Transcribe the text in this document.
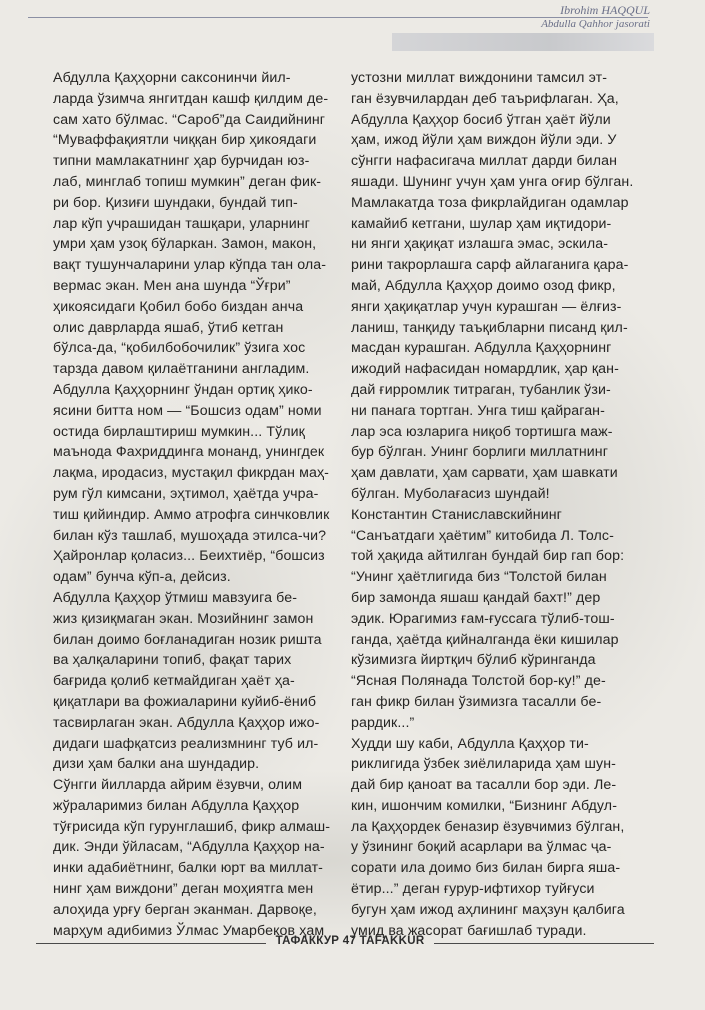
Ibrohim HAQQUL
Abdulla Qahhor jasorati

Абдулла Қаҳҳорни саксонинчи йил-
ларда ўзимча янгитдан кашф қилдим де-
сам хато бўлмас. “Сароб”да Саидийнинг
“Муваффақиятли чиққан бир ҳикоядаги
типни мамлакатнинг ҳар бурчидан юз-
лаб, минглаб топиш мумкин” деган фик-
ри бор. Қизиғи шундаки, бундай тип-
лар кўп учрашидан ташқари, уларнинг
умри ҳам узоқ бўларкан. Замон, макон,
вақт тушунчаларини улар кўпда тан ола-
вермас экан. Мен ана шунда “Ўғри”
ҳикоясидаги Қобил бобо биздан анча
олис даврларда яшаб, ўтиб кетган
бўлса-да, “қобилбобочилик” ўзига хос
тарзда давом қилаётганини англадим.

Абдулла Қаҳҳорнинг ўндан ортиқ ҳико-
ясини битта ном — “Бошсиз одам” номи
остида бирлаштириш мумкин... Тўлиқ
маънода Фахриддинга монанд, унингдек
лақма, иродасиз, мустақил фикрдан маҳ-
рум гўл кимсани, эҳтимол, ҳаётда учра-
тиш қийиндир. Аммо атрофга синчковлик
билан кўз ташлаб, мушоҳада этилса-чи?
Ҳайронлар қоласиз... Беихтиёр, “бошсиз
одам” бунча кўп-а, дейсиз.

Абдулла Қаҳҳор ўтмиш мавзуига бе-
жиз қизиқмаган экан. Мозийнинг замон
билан доимо боғланадиган нозик ришта
ва ҳалқаларини топиб, фақат тарих
бағрида қолиб кетмайдиган ҳаёт ҳа-
қиқатлари ва фожиаларини куйиб-ёниб
тасвирлаган экан. Абдулла Қаҳҳор ижо-
дидаги шафқатсиз реализмнинг туб ил-
дизи ҳам балки ана шундадир.

Сўнгги йилларда айрим ёзувчи, олим
жўраларимиз билан Абдулла Қаҳҳор
тўғрисида кўп гурунглашиб, фикр алмаш-
дик. Энди ўйласам, “Абдулла Қаҳҳор на-
инки адабиётнинг, балки юрт ва миллат-
нинг ҳам виждони” деган моҳиятга мен
алоҳида урғу берган эканман. Дарвоқе,
марҳум адибимиз Ўлмас Умарбеков ҳам

устозни миллат виждонини тамсил эт-
ган ёзувчилардан деб таърифлаган. Ҳа,
Абдулла Қаҳҳор босиб ўтган ҳаёт йўли
ҳам, ижод йўли ҳам виждон йўли эди. У
сўнгги нафасигача миллат дарди билан
яшади. Шунинг учун ҳам унга оғир бўлган.
Мамлакатда тоза фикрлайдиган одамлар
камайиб кетгани, шулар ҳам иқтидори-
ни янги ҳақиқат излашга эмас, эскила-
рини такрорлашга сарф айлаганига қара-
май, Абдулла Қаҳҳор доимо озод фикр,
янги ҳақиқатлар учун курашган — ёлғиз-
ланиш, танқиду таъқибларни писанд қил-
масдан курашган. Абдулла Қаҳҳорнинг
ижодий нафасидан номардлик, ҳар қан-
дай ғирромлик титраган, тубанлик ўзи-
ни панага тортган. Унга тиш қайраган-
лар эса юзларига ниқоб тортишга маж-
бур бўлган. Унинг борлиги миллатнинг
ҳам давлати, ҳам сарвати, ҳам шавкати
бўлган. Муболағасиз шундай!

Константин Станиславскийнинг
“Санъатдаги ҳаётим” китобида Л. Толс-
той ҳақида айтилган бундай бир гап бор:
“Унинг ҳаётлигида биз “Толстой билан
бир замонда яшаш қандай бахт!” дер
эдик. Юрагимиз ғам-ғуссага тўлиб-тош-
ганда, ҳаётда қийналганда ёки кишилар
кўзимизга йиртқич бўлиб кўринганда
“Ясная Полянада Толстой бор-ку!” де-
ган фикр билан ўзимизга тасалли бе-
рардик...”

Худди шу каби, Абдулла Қаҳҳор ти-
риклигида ўзбек зиёлиларида ҳам шун-
дай бир қаноат ва тасалли бор эди. Ле-
кин, ишончим комилки, “Бизнинг Абдул-
ла Қаҳҳордек беназир ёзувчимиз бўлган,
у ўзининг боқий асарлари ва ўлмас ҷа-
сорати ила доимо биз билан бирга яша-
ётир...” деган ғурур-ифтихор туйғуси
бугун ҳам ижод аҳлининг маҳзун қалбига
умид ва жасорат бағишлаб туради.

ТАФАККУР 47 TAFAKKUR
